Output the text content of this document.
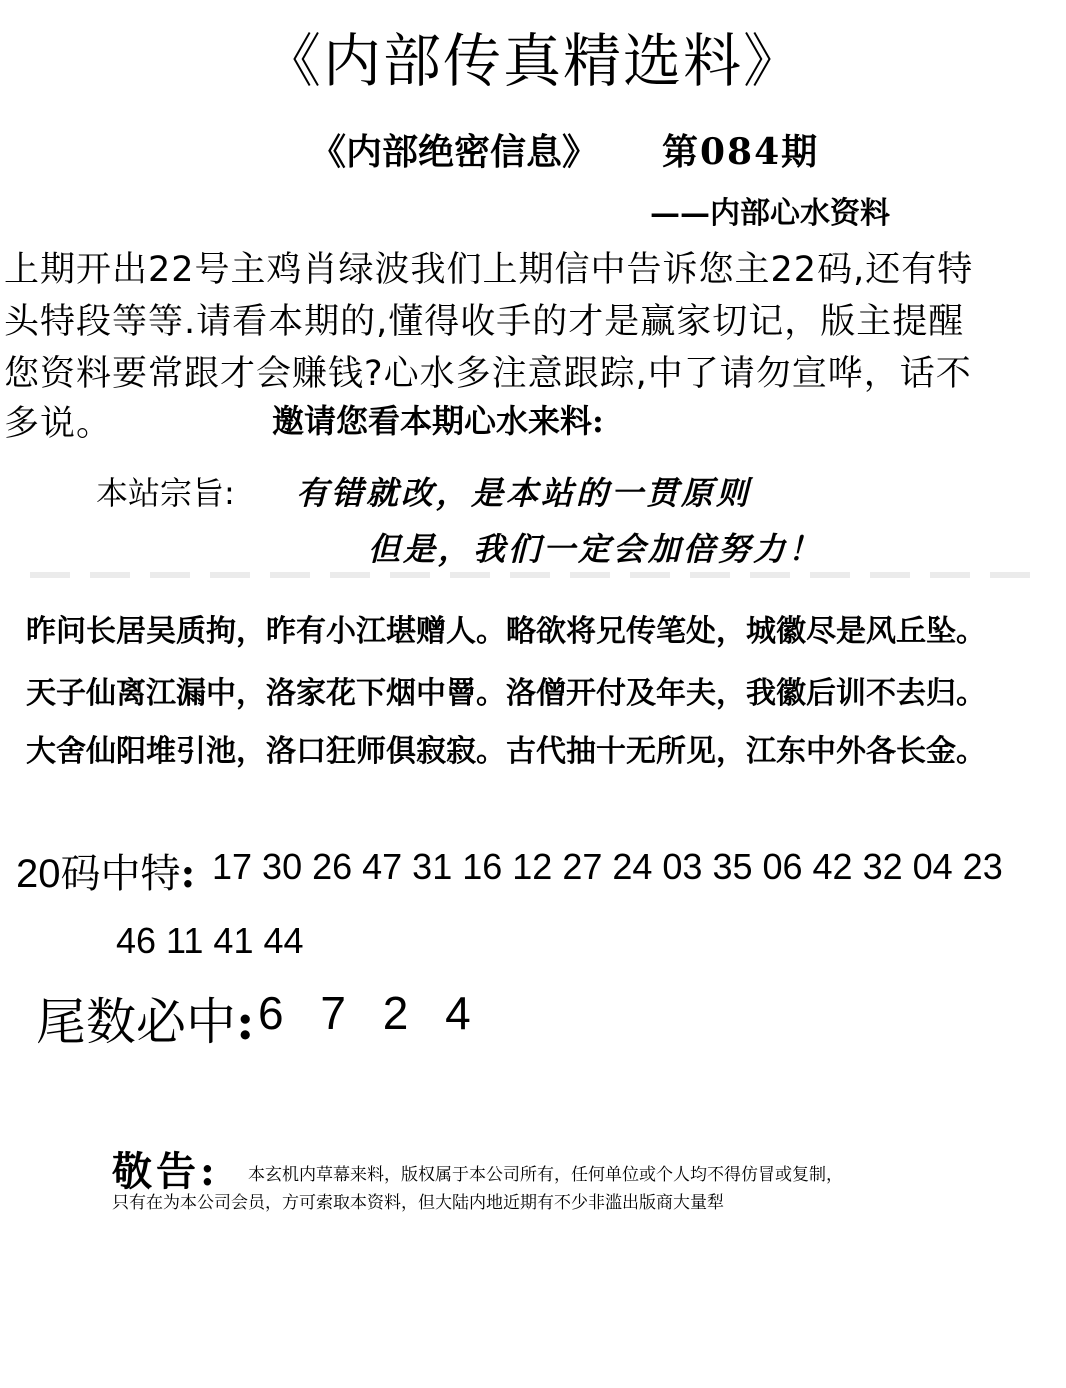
《内部传真精选料》
《内部绝密信息》 第084期
——内部心水资料
上期开出22号主鸡肖绿波我们上期信中告诉您主22码,还有特
头特段等等.请看本期的,懂得收手的才是赢家切记，版主提醒
您资料要常跟才会赚钱?心水多注意跟踪,中了请勿宣哗，话不
多说。	邀请您看本期心水来料:
本站宗旨: 有错就改，是本站的一贯原则
但是，我们一定会加倍努力！
昨问长居吴质拘，昨有小江堪赠人。略欲将兄传笔处，城徽尽是风丘坠。
天子仙离江漏中，洛家花下烟中罾。洛僧开付及年夫，我徽后训不去归。
大舍仙阳堆引池，洛口狂师俱寂寂。古代抽十无所见，江东中外各长金。
20码中特: 17 30 26 47 31 16 12 27 24 03 35 06 42 32 04 23
46 11 41 44
尾数必中: 6 7 2 4
敬告: 本玄机内草幕来料，版权属于本公司所有，任何单位或个人均不得仿冒或复制，
只有在为本公司会员，方可索取本资料，但大陆内地近期有不少非滥出版商大量犁
